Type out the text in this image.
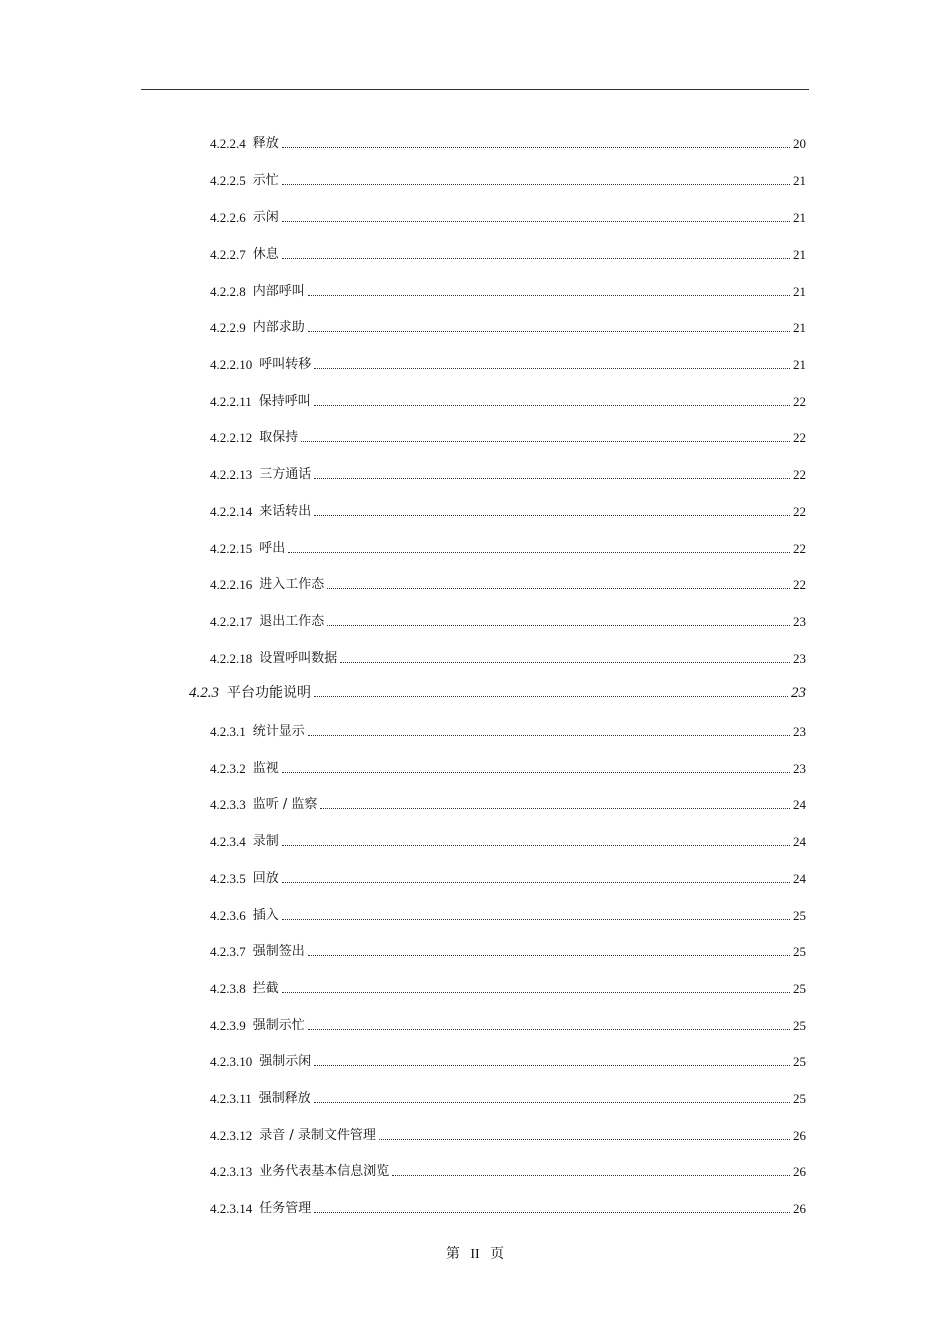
4.2.2.4 释放	20
4.2.2.5 示忙	21
4.2.2.6 示闲	21
4.2.2.7 休息	21
4.2.2.8 内部呼叫	21
4.2.2.9 内部求助	21
4.2.2.10 呼叫转移	21
4.2.2.11 保持呼叫	22
4.2.2.12 取保持	22
4.2.2.13 三方通话	22
4.2.2.14 来话转出	22
4.2.2.15 呼出	22
4.2.2.16 进入工作态	22
4.2.2.17 退出工作态	23
4.2.2.18 设置呼叫数据	23
4.2.3 平台功能说明	23
4.2.3.1 统计显示	23
4.2.3.2 监视	23
4.2.3.3 监听 / 监察	24
4.2.3.4 录制	24
4.2.3.5 回放	24
4.2.3.6 插入	25
4.2.3.7 强制签出	25
4.2.3.8 拦截	25
4.2.3.9 强制示忙	25
4.2.3.10 强制示闲	25
4.2.3.11 强制释放	25
4.2.3.12 录音 / 录制文件管理	26
4.2.3.13 业务代表基本信息浏览	26
4.2.3.14 任务管理	26
第 II 页
